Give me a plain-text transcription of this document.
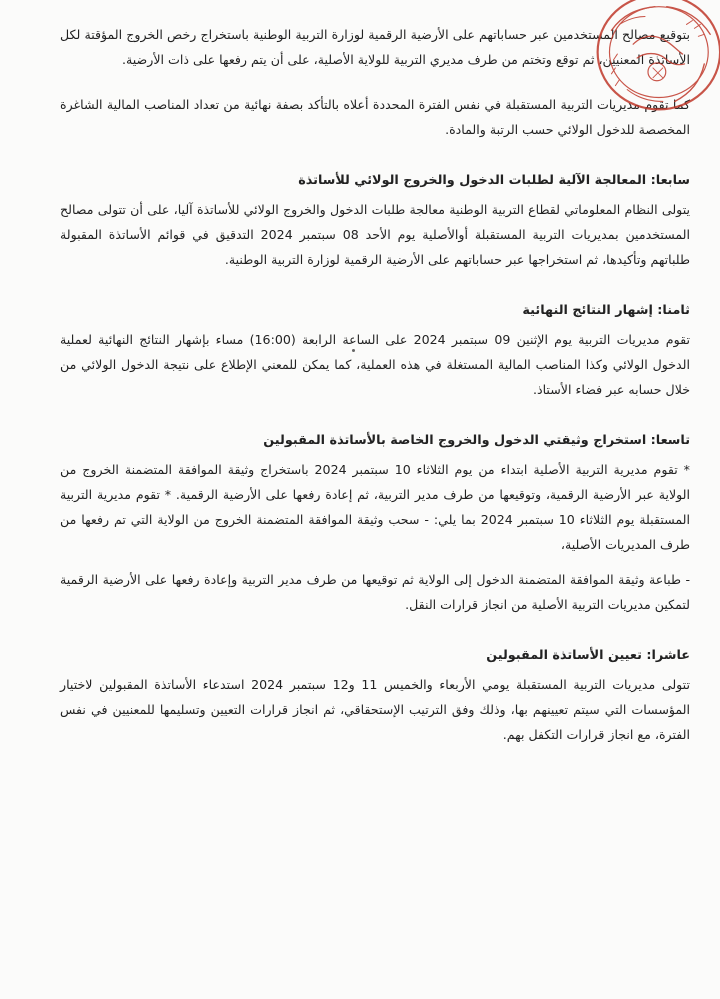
بتوقيع مصالح المستخدمين عبر حساباتهم على الأرضية الرقمية لوزارة التربية الوطنية باستخراج رخص الخروج المؤقتة لكل الأساتذة المعنيين، ثم توقع وتختم من طرف مديري التربية للولاية الأصلية، على أن يتم رفعها على ذات الأرضية.
كما تقوم مديريات التربية المستقبلة في نفس الفترة المحددة أعلاه بالتأكد بصفة نهائية من تعداد المناصب المالية الشاغرة المخصصة للدخول الولائي حسب الرتبة والمادة.
سابعا: المعالجة الآلية لطلبات الدخول والخروج الولائي للأساتذة
يتولى النظام المعلوماتي لقطاع التربية الوطنية معالجة طلبات الدخول والخروج الولائي للأساتذة آليا، على أن تتولى مصالح المستخدمين بمديريات التربية المستقبلة أوالأصلية يوم الأحد 08 سبتمبر 2024 التدقيق في قوائم الأساتذة المقبولة طلباتهم وتأكيدها، ثم استخراجها عبر حساباتهم على الأرضية الرقمية لوزارة التربية الوطنية.
ثامنا: إشهار النتائج النهائية
تقوم مديريات التربية يوم الإثنين 09 سبتمبر 2024 على الساعة الرابعة (16:00) مساء بإشهار النتائج النهائية لعملية الدخول الولائي وكذا المناصب المالية المستغلة في هذه العملية، كما يمكن للمعني الإطلاع على نتيجة الدخول الولائي من خلال حسابه عبر فضاء الأستاذ.
تاسعا: استخراج وثيقتي الدخول والخروج الخاصة بالأساتذة المقبولين
* تقوم مديرية التربية الأصلية ابتداء من يوم الثلاثاء 10 سبتمبر 2024 باستخراج وثيقة الموافقة المتضمنة الخروج من الولاية عبر الأرضية الرقمية، وتوقيعها من طرف مدير التربية، ثم إعادة رفعها على الأرضية الرقمية. * تقوم مديرية التربية المستقبلة يوم الثلاثاء 10 سبتمبر 2024 بما يلي: - سحب وثيقة الموافقة المتضمنة الخروج من الولاية التي تم رفعها من طرف المديريات الأصلية،
- طباعة وثيقة الموافقة المتضمنة الدخول إلى الولاية ثم توقيعها من طرف مدير التربية وإعادة رفعها على الأرضية الرقمية لتمكين مديريات التربية الأصلية من انجاز قرارات النقل.
عاشرا: تعيين الأساتذة المقبولين
تتولى مديريات التربية المستقبلة يومي الأربعاء والخميس 11 و12 سبتمبر 2024 استدعاء الأساتذة المقبولين لاختيار المؤسسات التي سيتم تعيينهم بها، وذلك وفق الترتيب الإستحقاقي، ثم انجاز قرارات التعيين وتسليمها للمعنيين في نفس الفترة، مع انجاز قرارات التكفل بهم.
